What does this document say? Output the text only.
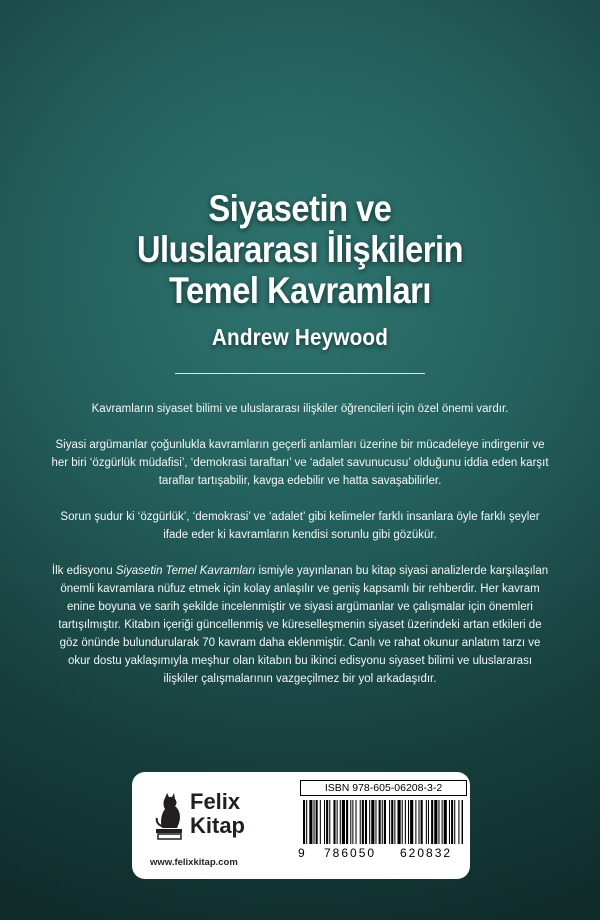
Siyasetin ve
Uluslararası İlişkilerin
Temel Kavramları
Andrew Heywood

Kavramların siyaset bilimi ve uluslararası ilişkiler öğrencileri için özel önemi vardır.

Siyasi argümanlar çoğunlukla kavramların geçerli anlamları üzerine bir mücadeleye indirgenir ve her biri ‘özgürlük müdafisi’, ‘demokrasi taraftarı’ ve ‘adalet savunucusu’ olduğunu iddia eden karşıt taraflar tartışabilir, kavga edebilir ve hatta savaşabilirler.

Sorun şudur ki ‘özgürlük’, ‘demokrasi’ ve ‘adalet’ gibi kelimeler farklı insanlara öyle farklı şeyler ifade eder ki kavramların kendisi sorunlu gibi gözükür.

İlk edisyonu Siyasetin Temel Kavramları ismiyle yayınlanan bu kitap siyasi analizlerde karşılaşılan önemli kavramlara nüfuz etmek için kolay anlaşılır ve geniş kapsamlı bir rehberdir. Her kavram enine boyuna ve sarih şekilde incelenmiştir ve siyasi argümanlar ve çalışmalar için önemleri tartışılmıştır. Kitabın içeriği güncellenmiş ve küreselleşmenin siyaset üzerindeki artan etkileri de göz önünde bulundurularak 70 kavram daha eklenmiştir. Canlı ve rahat okunur anlatım tarzı ve okur dostu yaklaşımıyla meşhur olan kitabın bu ikinci edisyonu siyaset bilimi ve uluslararası ilişkiler çalışmalarının vazgeçilmez bir yol arkadaşıdır.

Felix
Kitap
www.felixkitap.com
ISBN 978-605-06208-3-2
9 786050 620832
